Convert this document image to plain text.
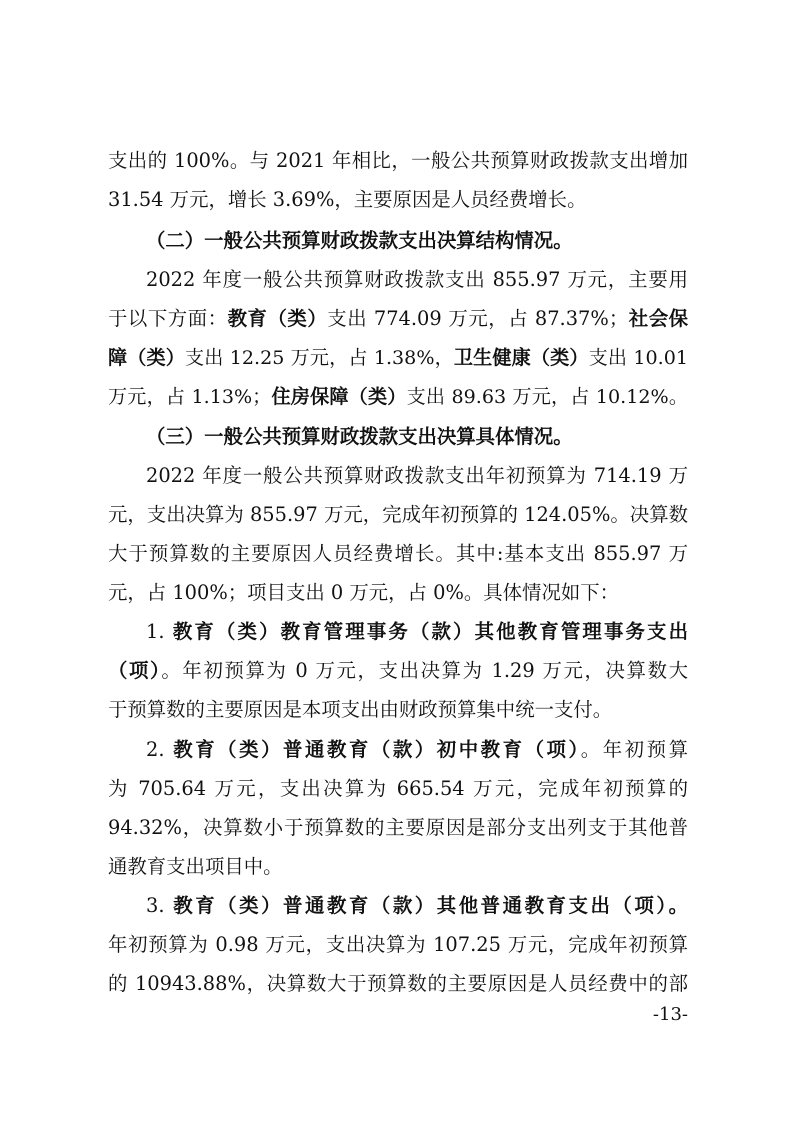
支出的 100%。与 2021 年相比，一般公共预算财政拨款支出增加
31.54 万元，增长 3.69%，主要原因是人员经费增长。
（二）一般公共预算财政拨款支出决算结构情况。
2022 年度一般公共预算财政拨款支出 855.97 万元，主要用
于以下方面：教育（类）支出 774.09 万元，占 87.37%；社会保
障（类）支出 12.25 万元，占 1.38%，卫生健康（类）支出 10.01
万元，占 1.13%；住房保障（类）支出 89.63 万元，占 10.12%。
（三）一般公共预算财政拨款支出决算具体情况。
2022 年度一般公共预算财政拨款支出年初预算为 714.19 万
元，支出决算为 855.97 万元，完成年初预算的 124.05%。决算数
大于预算数的主要原因人员经费增长。其中:基本支出 855.97 万
元，占 100%；项目支出 0 万元，占 0%。具体情况如下：
1. 教育（类）教育管理事务（款）其他教育管理事务支出
（项）。年初预算为 0 万元，支出决算为 1.29 万元，决算数大
于预算数的主要原因是本项支出由财政预算集中统一支付。
2. 教育（类）普通教育（款）初中教育（项）。年初预算
为 705.64 万元，支出决算为 665.54 万元，完成年初预算的
94.32%，决算数小于预算数的主要原因是部分支出列支于其他普
通教育支出项目中。
3. 教育（类）普通教育（款）其他普通教育支出（项）。
年初预算为 0.98 万元，支出决算为 107.25 万元，完成年初预算
的 10943.88%，决算数大于预算数的主要原因是人员经费中的部
-13-
